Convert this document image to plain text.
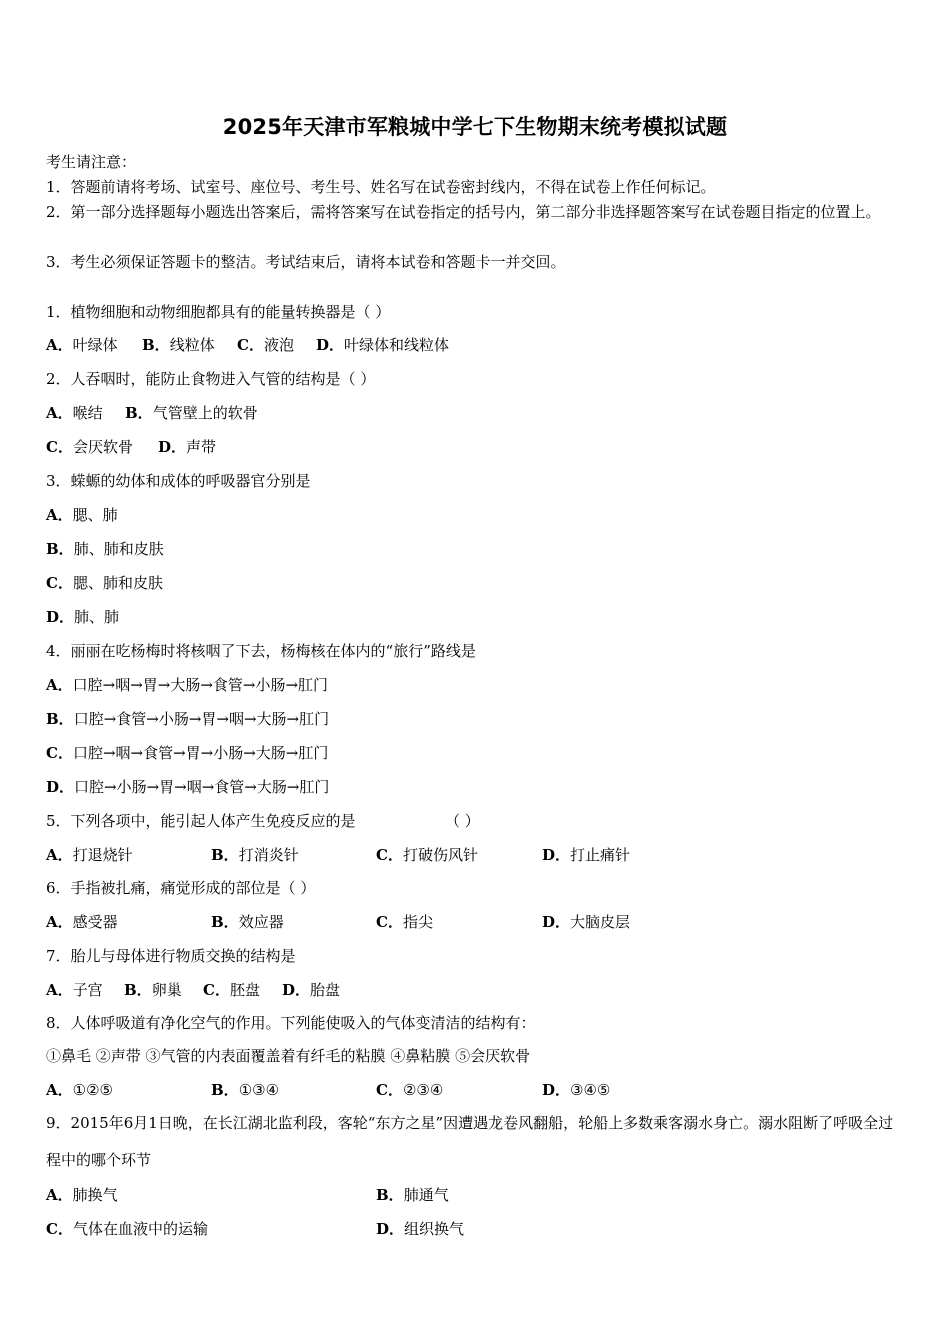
2025年天津市军粮城中学七下生物期末统考模拟试题
考生请注意：
1．答题前请将考场、试室号、座位号、考生号、姓名写在试卷密封线内，不得在试卷上作任何标记。
2．第一部分选择题每小题选出答案后，需将答案写在试卷指定的括号内，第二部分非选择题答案写在试卷题目指定的位置上。
3．考生必须保证答题卡的整洁。考试结束后，请将本试卷和答题卡一并交回。
1．植物细胞和动物细胞都具有的能量转换器是（ ）
A．叶绿体 B．线粒体 C．液泡 D．叶绿体和线粒体
2．人吞咽时，能防止食物进入气管的结构是（ ）
A．喉结 B．气管壁上的软骨
C．会厌软骨 D．声带
3．蝾螈的幼体和成体的呼吸器官分别是
A．腮、肺
B．肺、肺和皮肤
C．腮、肺和皮肤
D．肺、肺
4．丽丽在吃杨梅时将核咽了下去，杨梅核在体内的“旅行”路线是
A．口腔→咽→胃→大肠→食管→小肠→肛门
B．口腔→食管→小肠→胃→咽→大肠→肛门
C．口腔→咽→食管→胃→小肠→大肠→肛门
D．口腔→小肠→胃→咽→食管→大肠→肛门
5．下列各项中，能引起人体产生免疫反应的是	（ ）
A．打退烧针	B．打消炎针	C．打破伤风针	D．打止痛针
6．手指被扎痛，痛觉形成的部位是（ ）
A．感受器	B．效应器	C．指尖	D．大脑皮层
7．胎儿与母体进行物质交换的结构是
A．子宫 B．卵巢 C．胚盘 D．胎盘
8．人体呼吸道有净化空气的作用。下列能使吸入的气体变清洁的结构有：
①鼻毛 ②声带 ③气管的内表面覆盖着有纤毛的粘膜 ④鼻粘膜 ⑤会厌软骨
A．①②⑤	B．①③④	C．②③④	D．③④⑤
9．2015年6月1日晚，在长江湖北监利段，客轮“东方之星”因遭遇龙卷风翻船，轮船上多数乘客溺水身亡。溺水阻断了呼吸全过程中的哪个环节
A．肺换气	B．肺通气
C．气体在血液中的运输	D．组织换气
